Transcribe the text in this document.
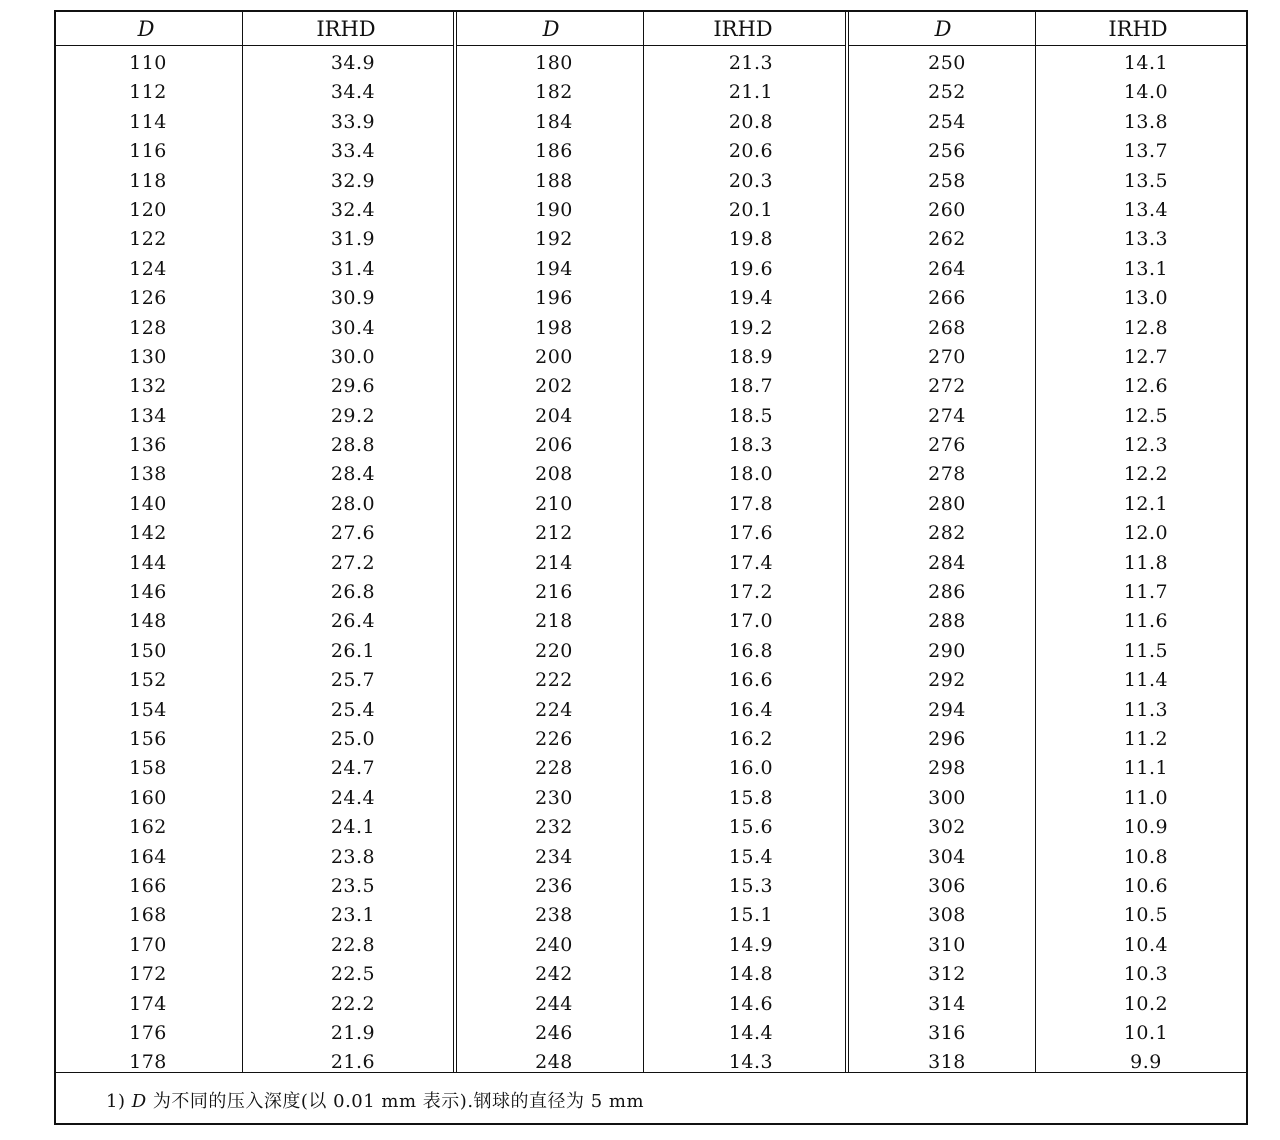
D	IRHD
110	34.9
112	34.4
114	33.9
116	33.4
118	32.9
120	32.4
122	31.9
124	31.4
126	30.9
128	30.4
130	30.0
132	29.6
134	29.2
136	28.8
138	28.4
140	28.0
142	27.6
144	27.2
146	26.8
148	26.4
150	26.1
152	25.7
154	25.4
156	25.0
158	24.7
160	24.4
162	24.1
164	23.8
166	23.5
168	23.1
170	22.8
172	22.5
174	22.2
176	21.9
178	21.6
D	IRHD
180	21.3
182	21.1
184	20.8
186	20.6
188	20.3
190	20.1
192	19.8
194	19.6
196	19.4
198	19.2
200	18.9
202	18.7
204	18.5
206	18.3
208	18.0
210	17.8
212	17.6
214	17.4
216	17.2
218	17.0
220	16.8
222	16.6
224	16.4
226	16.2
228	16.0
230	15.8
232	15.6
234	15.4
236	15.3
238	15.1
240	14.9
242	14.8
244	14.6
246	14.4
248	14.3
D	IRHD
250	14.1
252	14.0
254	13.8
256	13.7
258	13.5
260	13.4
262	13.3
264	13.1
266	13.0
268	12.8
270	12.7
272	12.6
274	12.5
276	12.3
278	12.2
280	12.1
282	12.0
284	11.8
286	11.7
288	11.6
290	11.5
292	11.4
294	11.3
296	11.2
298	11.1
300	11.0
302	10.9
304	10.8
306	10.6
308	10.5
310	10.4
312	10.3
314	10.2
316	10.1
318	9.9
1) D 为不同的压入深度(以 0.01 mm 表示).钢球的直径为 5 mm
